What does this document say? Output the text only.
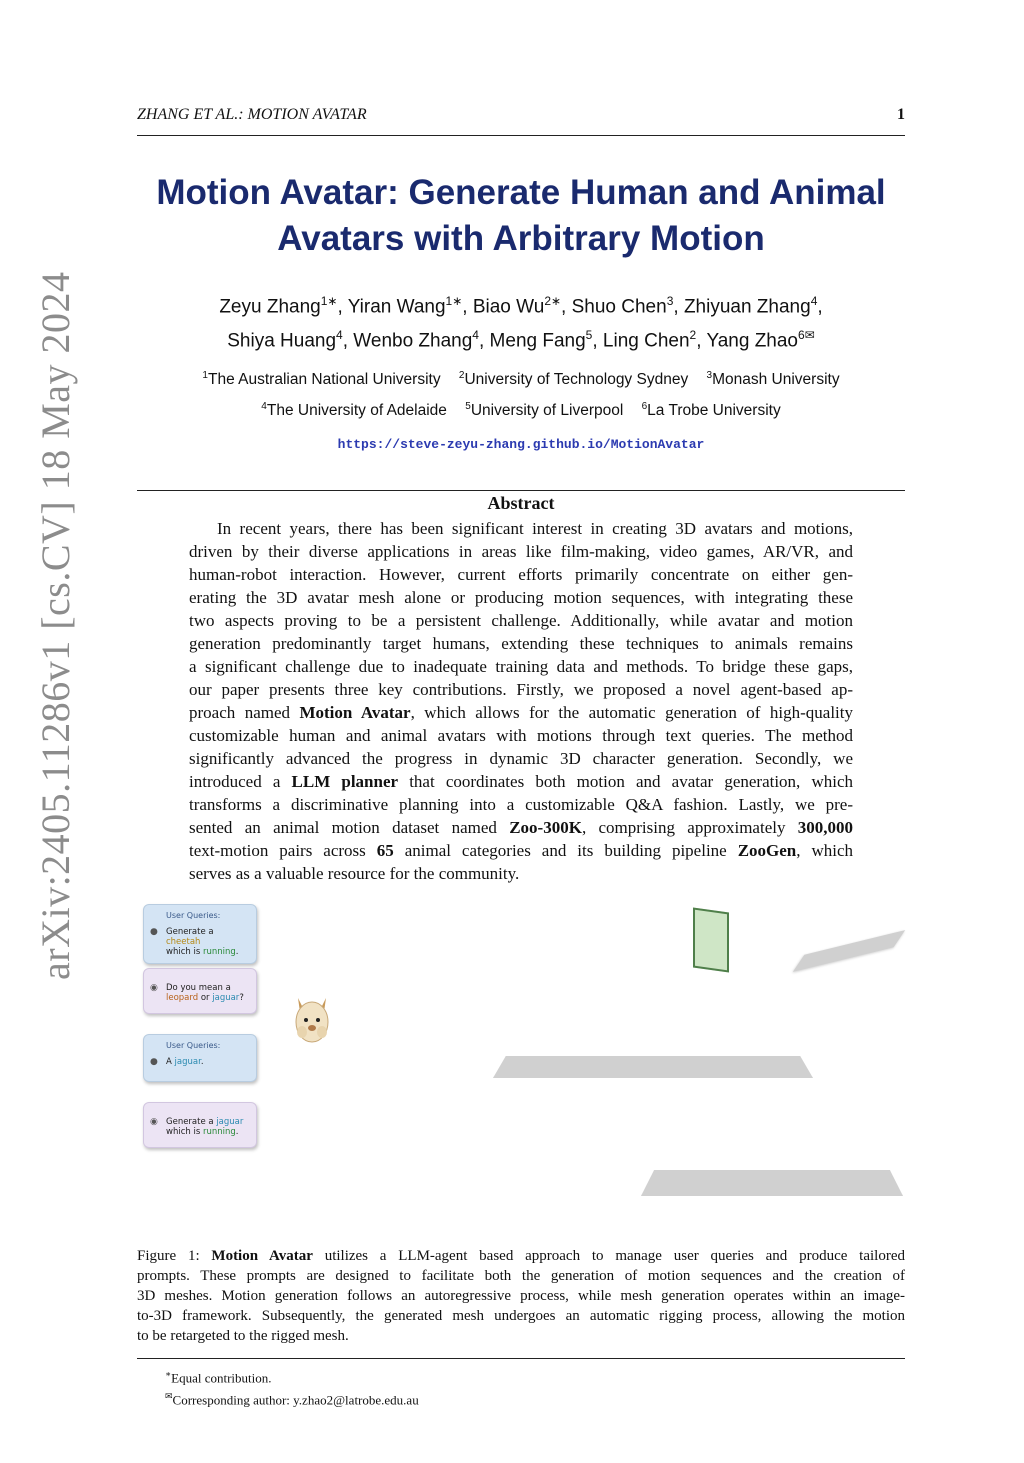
arXiv:2405.11286v1 [cs.CV] 18 May 2024
ZHANG ET AL.: MOTION AVATAR	1
Motion Avatar: Generate Human and Animal
Avatars with Arbitrary Motion
Zeyu Zhang$^{1∗}$, Yiran Wang$^{1∗}$, Biao $Wu^{2∗}$, Shuo Chen$^3$, Zhiyuan Zhang$^4$,
Shiya Huang$^4$, Wenbo Zhang$^4$, Meng Fang$^5$, Ling Chen$^2$, Yang Zhao$^{6✉}$
$^1$The Australian National University $^2$University of Technology Sydney $^3$Monash University
$^4$The University of Adelaide $^5$University of Liverpool $^6$La Trobe University
https://steve-zeyu-zhang.github.io/MotionAvatar
Abstract
In recent years, there has been significant interest in creating 3D avatars and motions,
driven by their diverse applications in areas like film-making, video games, AR/VR, and
human-robot interaction. However, current efforts primarily concentrate on either gen-
erating the 3D avatar mesh alone or producing motion sequences, with integrating these
two aspects proving to be a persistent challenge. Additionally, while avatar and motion
generation predominantly target humans, extending these techniques to animals remains
a significant challenge due to inadequate training data and methods. To bridge these gaps,
our paper presents three key contributions. Firstly, we proposed a novel agent-based ap-
proach named Motion Avatar, which allows for the automatic generation of high-quality
customizable human and animal avatars with motions through text queries. The method
significantly advanced the progress in dynamic 3D character generation. Secondly, we
introduced a LLM planner that coordinates both motion and avatar generation, which
transforms a discriminative planning into a customizable Q&A fashion. Lastly, we pre-
sented an animal motion dataset named Zoo-300K, comprising approximately 300,000
text-motion pairs across 65 animal categories and its building pipeline ZooGen, which
serves as a valuable resource for the community.
User Queries:
● Generate a cheetah
which is running.
◉ Do you mean a
leopard or jaguar?
User Queries:
● A jaguar.
◉ Generate a jaguar
which is running.
Figure 1: Motion Avatar utilizes a LLM-agent based approach to manage user queries and produce tailored
prompts. These prompts are designed to facilitate both the generation of motion sequences and the creation of
3D meshes. Motion generation follows an autoregressive process, while mesh generation operates within an image-
to-3D framework. Subsequently, the generated mesh undergoes an automatic rigging process, allowing the motion
to be retargeted to the rigged mesh.
∗Equal contribution.
✉Corresponding author: y.zhao2@latrobe.edu.au
